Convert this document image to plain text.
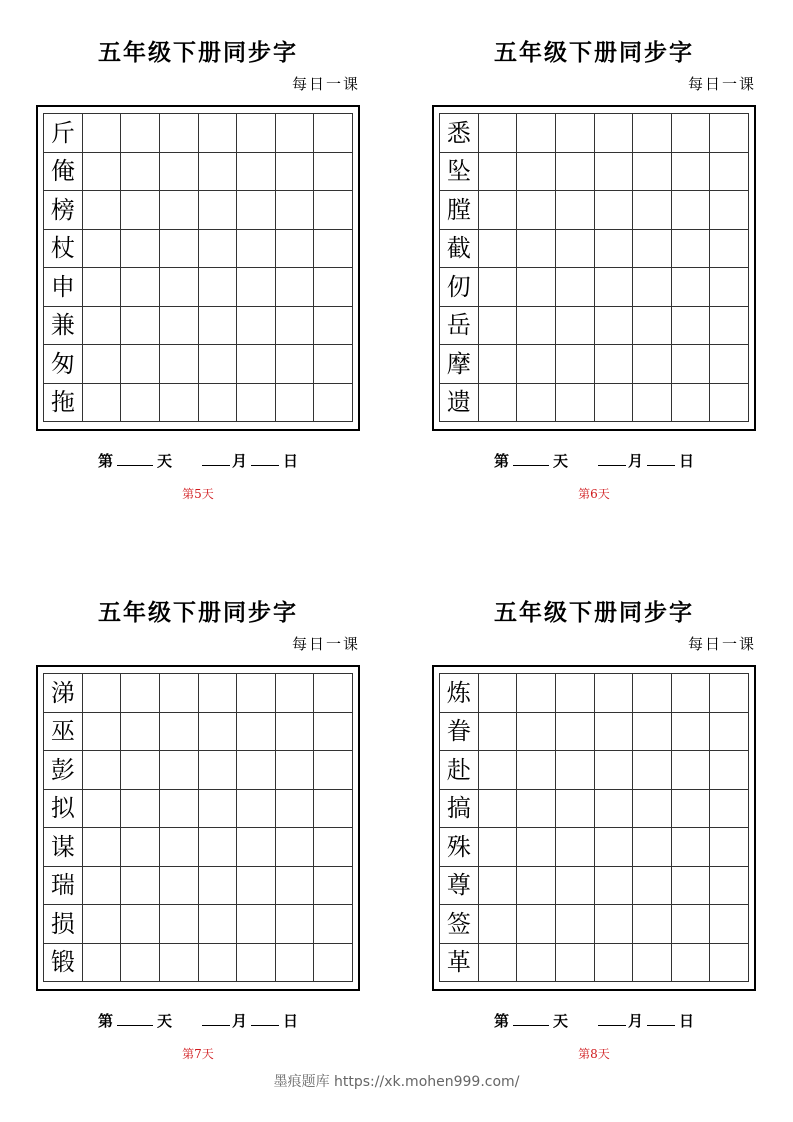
五年级下册同步字
每日一课
斤
俺
榜
杖
申
兼
匆
拖
第	天	月 日
第5天
五年级下册同步字
每日一课
悉
坠
膛
截
仞
岳
摩
遗
第	天	月 日
第6天
五年级下册同步字
每日一课
涕
巫
彭
拟
谋
瑞
损
锻
第	天	月 日
第7天
五年级下册同步字
每日一课
炼
眷
赴
搞
殊
尊
签
革
第	天	月 日
第8天
墨痕题库 https://xk.mohen999.com/
